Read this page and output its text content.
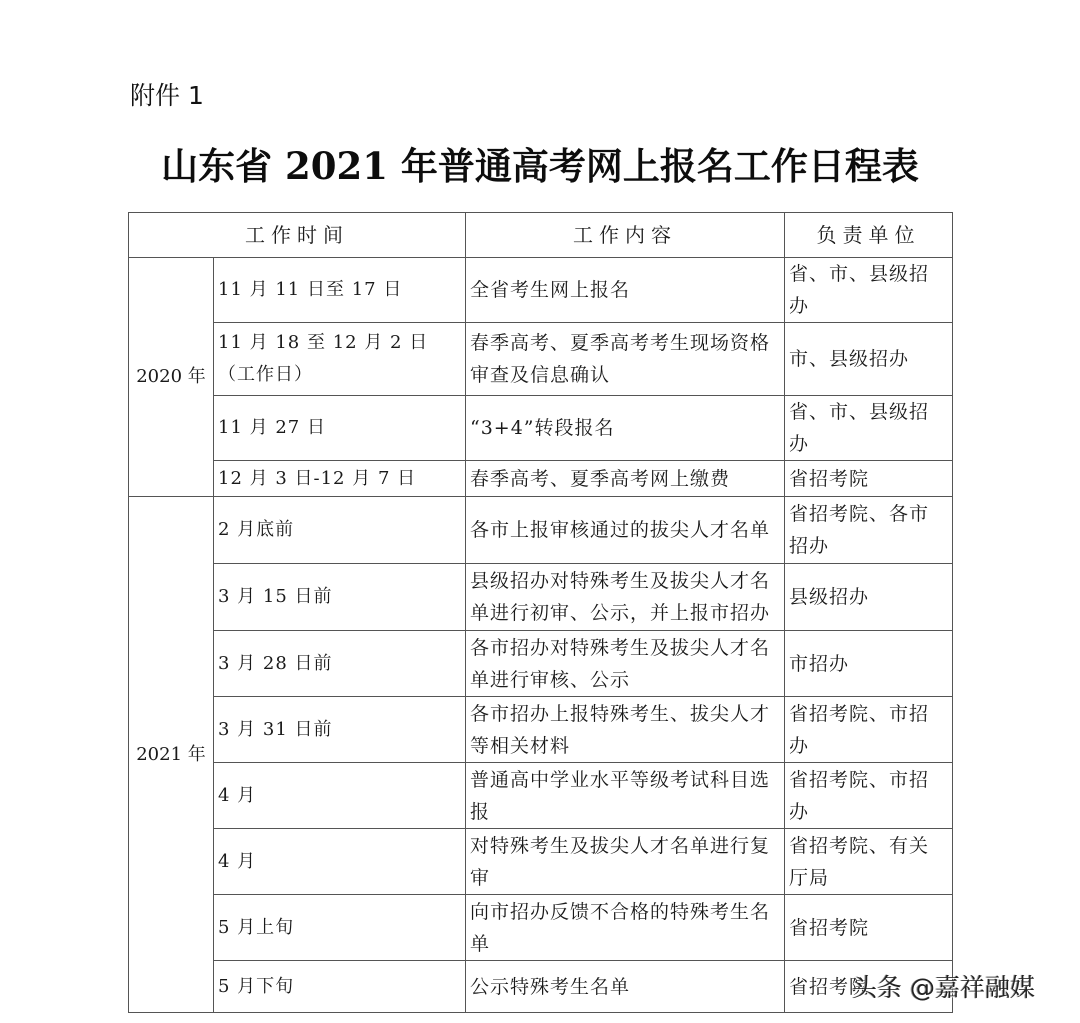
附件 1
山东省 2021 年普通高考网上报名工作日程表
工作时间		工作内容	负责单位
2020 年	11 月 11 日至 17 日	全省考生网上报名	省、市、县级招办
	11 月 18 至 12 月 2 日（工作日）	春季高考、夏季高考考生现场资格审查及信息确认	市、县级招办
	11 月 27 日	“3+4”转段报名	省、市、县级招办
	12 月 3 日-12 月 7 日	春季高考、夏季高考网上缴费	省招考院
2021 年	2 月底前	各市上报审核通过的拔尖人才名单	省招考院、各市招办
	3 月 15 日前	县级招办对特殊考生及拔尖人才名单进行初审、公示，并上报市招办	县级招办
	3 月 28 日前	各市招办对特殊考生及拔尖人才名单进行审核、公示	市招办
	3 月 31 日前	各市招办上报特殊考生、拔尖人才等相关材料	省招考院、市招办
	4 月	普通高中学业水平等级考试科目选报	省招考院、市招办
	4 月	对特殊考生及拔尖人才名单进行复审	省招考院、有关厅局
	5 月上旬	向市招办反馈不合格的特殊考生名单	省招考院
	5 月下旬	公示特殊考生名单	省招考院
头条 @嘉祥融媒
